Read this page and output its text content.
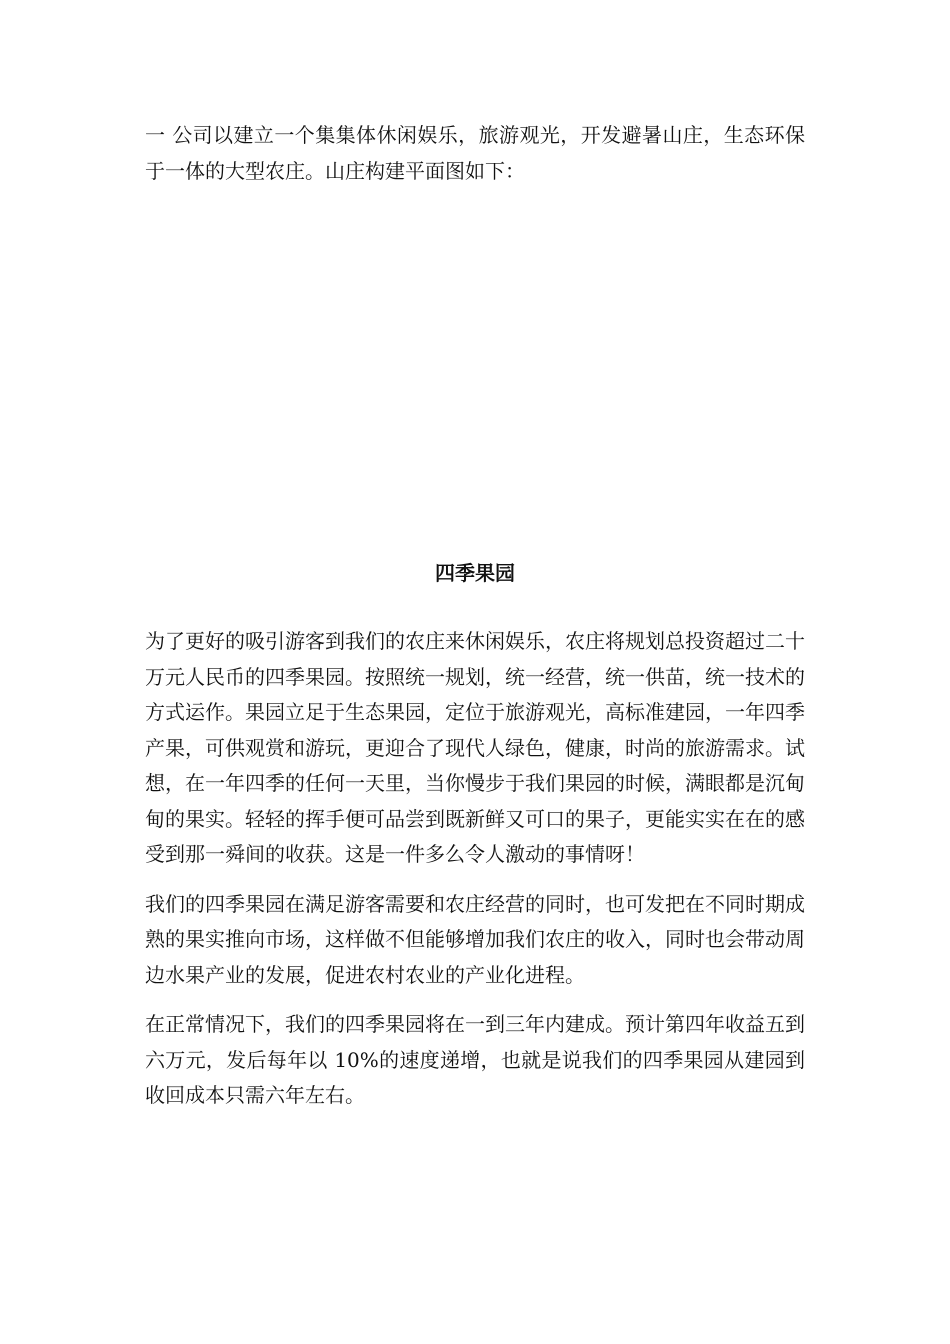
一 公司以建立一个集集体休闲娱乐，旅游观光，开发避暑山庄，生态环保于一体的大型农庄。山庄构建平面图如下：

四季果园

为了更好的吸引游客到我们的农庄来休闲娱乐，农庄将规划总投资超过二十万元人民币的四季果园。按照统一规划，统一经营，统一供苗，统一技术的方式运作。果园立足于生态果园，定位于旅游观光，高标准建园，一年四季产果，可供观赏和游玩，更迎合了现代人绿色，健康，时尚的旅游需求。试想，在一年四季的任何一天里，当你慢步于我们果园的时候，满眼都是沉甸甸的果实。轻轻的挥手便可品尝到既新鲜又可口的果子，更能实实在在的感受到那一舜间的收获。这是一件多么令人激动的事情呀！

我们的四季果园在满足游客需要和农庄经营的同时，也可发把在不同时期成熟的果实推向市场，这样做不但能够增加我们农庄的收入，同时也会带动周边水果产业的发展，促进农村农业的产业化进程。

在正常情况下，我们的四季果园将在一到三年内建成。预计第四年收益五到六万元，发后每年以 10%的速度递增，也就是说我们的四季果园从建园到收回成本只需六年左右。
